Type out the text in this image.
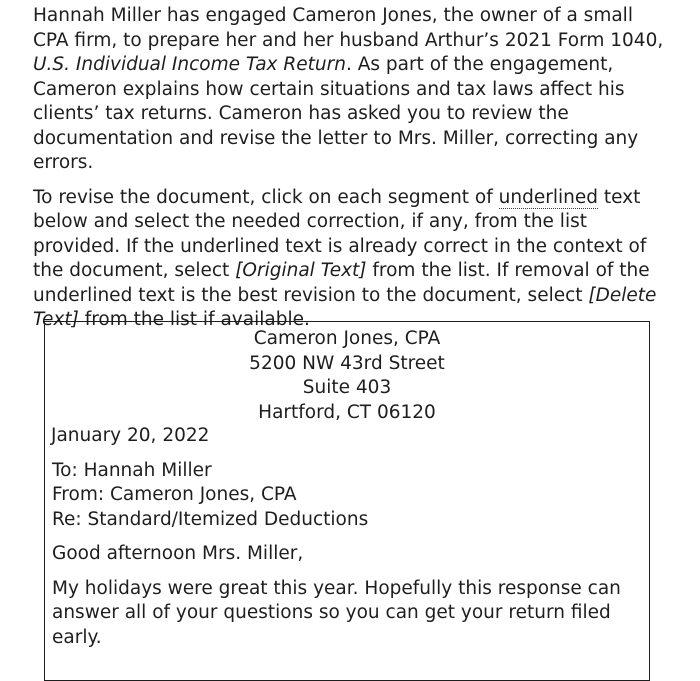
Hannah Miller has engaged Cameron Jones, the owner of a small CPA firm, to prepare her and her husband Arthur’s 2021 Form 1040, U.S. Individual Income Tax Return. As part of the engagement, Cameron explains how certain situations and tax laws affect his clients’ tax returns. Cameron has asked you to review the documentation and revise the letter to Mrs. Miller, correcting any errors.

To revise the document, click on each segment of underlined text below and select the needed correction, if any, from the list provided. If the underlined text is already correct in the context of the document, select [Original Text] from the list. If removal of the underlined text is the best revision to the document, select [Delete Text] from the list if available.

Cameron Jones, CPA
5200 NW 43rd Street
Suite 403
Hartford, CT 06120
January 20, 2022
To: Hannah Miller
From: Cameron Jones, CPA
Re: Standard/Itemized Deductions
Good afternoon Mrs. Miller,
My holidays were great this year. Hopefully this response can answer all of your questions so you can get your return filed early.
